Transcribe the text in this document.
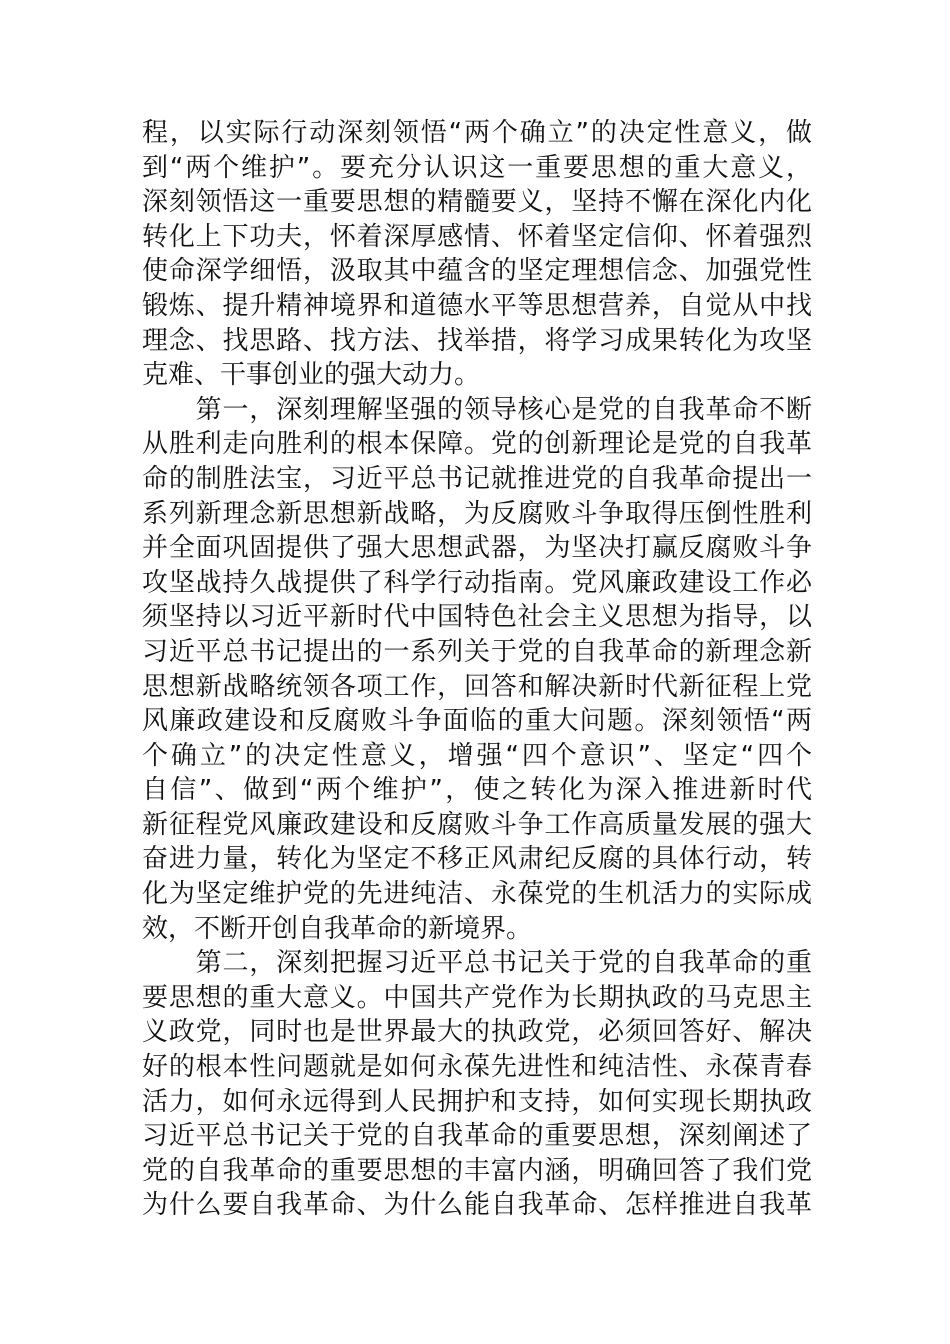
程，以实际行动深刻领悟“两个确立”的决定性意义，做
到“两个维护”。要充分认识这一重要思想的重大意义，
深刻领悟这一重要思想的精髓要义，坚持不懈在深化内化
转化上下功夫，怀着深厚感情、怀着坚定信仰、怀着强烈
使命深学细悟，汲取其中蕴含的坚定理想信念、加强党性
锻炼、提升精神境界和道德水平等思想营养，自觉从中找
理念、找思路、找方法、找举措，将学习成果转化为攻坚
克难、干事创业的强大动力。
　　第一，深刻理解坚强的领导核心是党的自我革命不断
从胜利走向胜利的根本保障。党的创新理论是党的自我革
命的制胜法宝，习近平总书记就推进党的自我革命提出一
系列新理念新思想新战略，为反腐败斗争取得压倒性胜利
并全面巩固提供了强大思想武器，为坚决打赢反腐败斗争
攻坚战持久战提供了科学行动指南。党风廉政建设工作必
须坚持以习近平新时代中国特色社会主义思想为指导，以
习近平总书记提出的一系列关于党的自我革命的新理念新
思想新战略统领各项工作，回答和解决新时代新征程上党
风廉政建设和反腐败斗争面临的重大问题。深刻领悟“两
个确立”的决定性意义，增强“四个意识”、坚定“四个
自信”、做到“两个维护”，使之转化为深入推进新时代
新征程党风廉政建设和反腐败斗争工作高质量发展的强大
奋进力量，转化为坚定不移正风肃纪反腐的具体行动，转
化为坚定维护党的先进纯洁、永葆党的生机活力的实际成
效，不断开创自我革命的新境界。
　　第二，深刻把握习近平总书记关于党的自我革命的重
要思想的重大意义。中国共产党作为长期执政的马克思主
义政党，同时也是世界最大的执政党，必须回答好、解决
好的根本性问题就是如何永葆先进性和纯洁性、永葆青春
活力，如何永远得到人民拥护和支持，如何实现长期执政
习近平总书记关于党的自我革命的重要思想，深刻阐述了
党的自我革命的重要思想的丰富内涵，明确回答了我们党
为什么要自我革命、为什么能自我革命、怎样推进自我革
